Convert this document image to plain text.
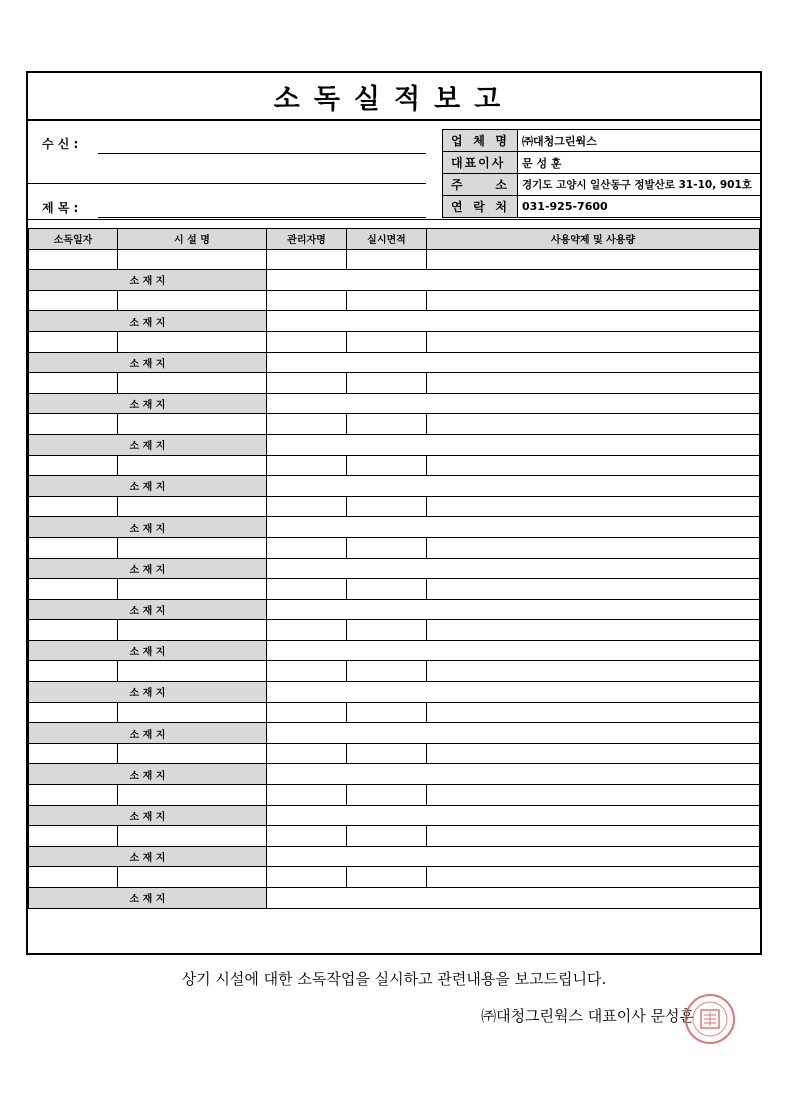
소독실적보고
수 신 :
제 목 :
업 체 명	㈜대청그린웍스
대표이사	문 성 훈
주 소	경기도 고양시 일산동구 정발산로 31-10, 901호
연 락 처	031-925-7600
소독일자	시 설 명	관리자명	실시면적	사용약제 및 사용량

소 재 지				

소 재 지				

소 재 지				

소 재 지				

소 재 지				

소 재 지				

소 재 지				

소 재 지				

소 재 지				

소 재 지				

소 재 지				

소 재 지				

소 재 지				

소 재 지				

소 재 지				

소 재 지				
상기 시설에 대한 소독작업을 실시하고 관련내용을 보고드립니다.
㈜대청그린웍스 대표이사 문성훈
